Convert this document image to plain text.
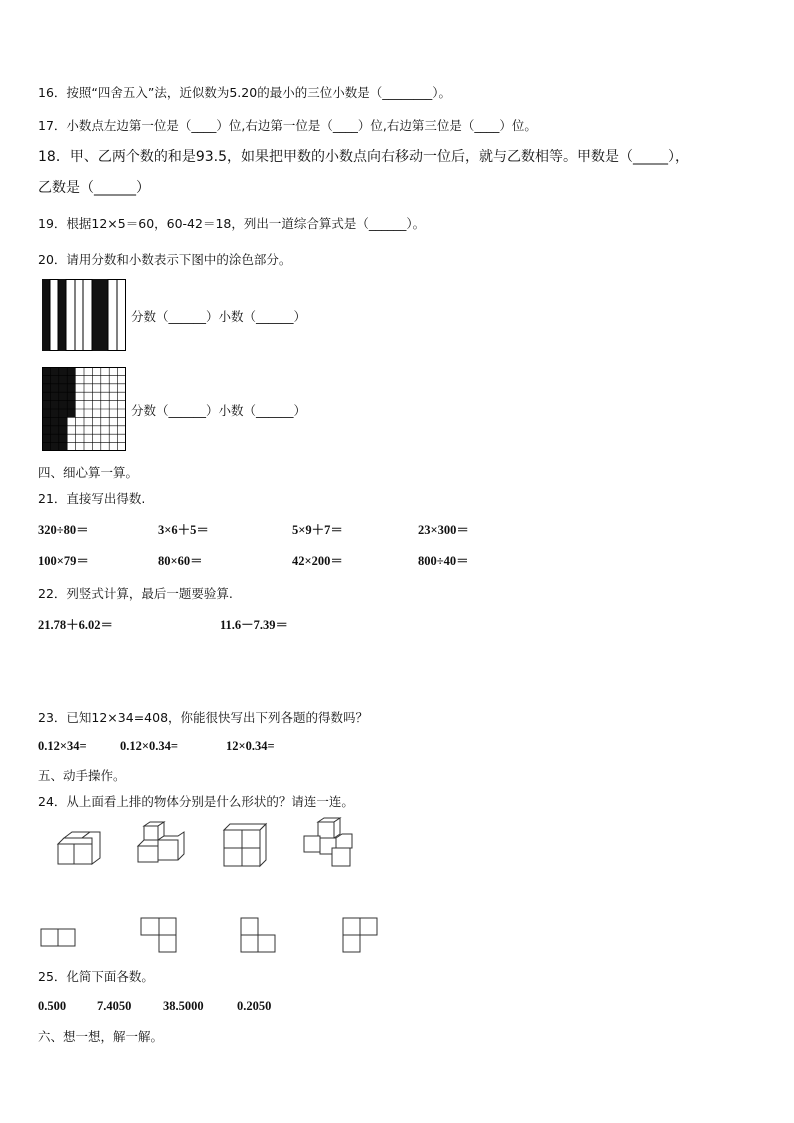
16．按照“四舍五入”法，近似数为5.20的最小的三位小数是（________）。
17．小数点左边第一位是（____）位,右边第一位是（____）位,右边第三位是（____）位。
18．甲、乙两个数的和是93.5，如果把甲数的小数点向右移动一位后，就与乙数相等。甲数是（_____），
乙数是（______）
19．根据12×5＝60，60-42＝18，列出一道综合算式是（______）。
20．请用分数和小数表示下图中的涂色部分。
分数（______）小数（______）
分数（______）小数（______）
四、细心算一算。
21．直接写出得数.
320÷80＝	3×6＋5＝	5×9＋7＝	23×300＝
100×79＝	80×60＝	42×200＝	800÷40＝
22．列竖式计算，最后一题要验算.
21.78＋6.02＝	11.6－7.39＝
23．已知12×34=408，你能很快写出下列各题的得数吗？
0.12×34=	0.12×0.34=	12×0.34=
五、动手操作。
24．从上面看上排的物体分别是什么形状的？请连一连。
25．化简下面各数。
0.500 7.4050	38.5000	0.2050
六、想一想，解一解。
